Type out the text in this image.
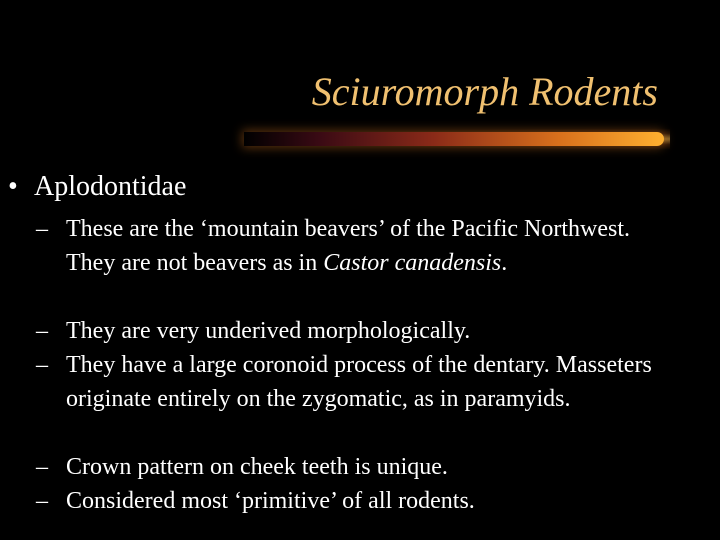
Sciuromorph Rodents
• Aplodontidae
– These are the ‘mountain beavers’ of the Pacific Northwest. They are not beavers as in Castor canadensis.
– They are very underived morphologically.
– They have a large coronoid process of the dentary. Masseters originate entirely on the zygomatic, as in paramyids.
– Crown pattern on cheek teeth is unique.
– Considered most ‘primitive’ of all rodents.
